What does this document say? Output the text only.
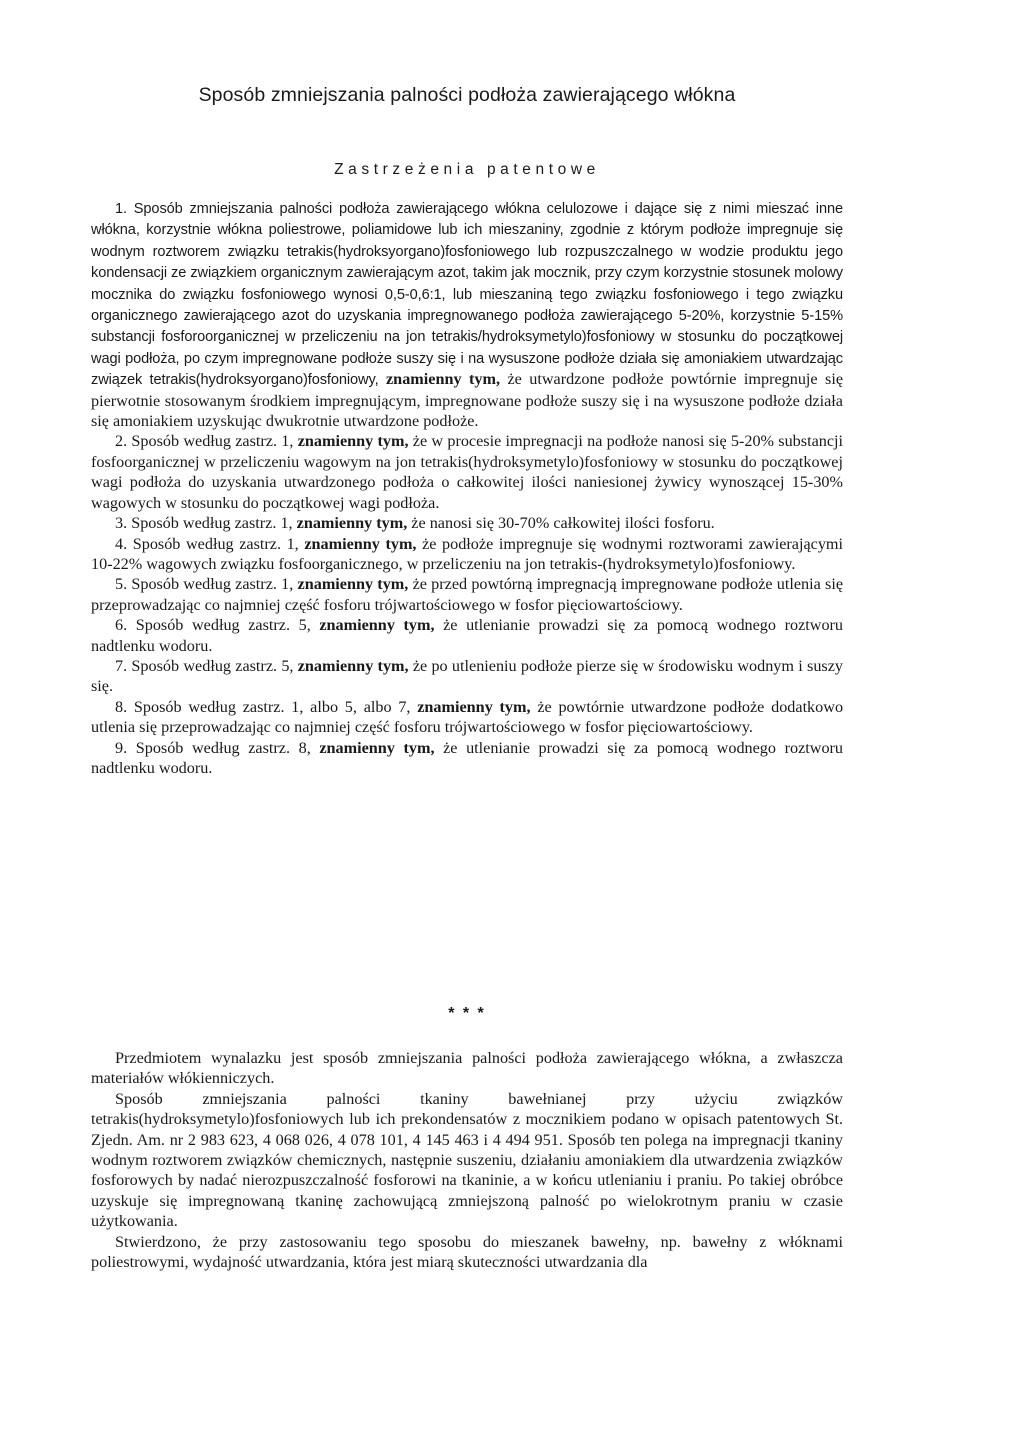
Sposób zmniejszania palności podłoża zawierającego włókna
Zastrzeżenia patentowe

1. Sposób zmniejszania palności podłoża zawierającego włókna celulozowe i dające się z nimi mieszać inne włókna, korzystnie włókna poliestrowe, poliamidowe lub ich mieszaniny, zgodnie z którym podłoże impregnuje się wodnym roztworem związku tetrakis(hydroksyorgano)fosfoniowego lub rozpuszczalnego w wodzie produktu jego kondensacji ze związkiem organicznym zawierającym azot, takim jak mocznik, przy czym korzystnie stosunek molowy mocznika do związku fosfoniowego wynosi 0,5-0,6:1, lub mieszaniną tego związku fosfoniowego i tego związku organicznego zawierającego azot do uzyskania impregnowanego podłoża zawierającego 5-20%, korzystnie 5-15% substancji fosforoorganicznej w przeliczeniu na jon tetrakis/hydroksymetylo)fosfoniowy w stosunku do początkowej wagi podłoża, po czym impregnowane podłoże suszy się i na wysuszone podłoże działa się amoniakiem utwardzając związek tetrakis(hydroksyorgano)fosfoniowy, znamienny tym, że utwardzone podłoże powtórnie impregnuje się pierwotnie stosowanym środkiem impregnującym, impregnowane podłoże suszy się i na wysuszone podłoże działa się amoniakiem uzyskując dwukrotnie utwardzone podłoże.

2. Sposób według zastrz. 1, znamienny tym, że w procesie impregnacji na podłoże nanosi się 5-20% substancji fosfoorganicznej w przeliczeniu wagowym na jon tetrakis(hydroksymetylo)fosfoniowy w stosunku do początkowej wagi podłoża do uzyskania utwardzonego podłoża o całkowitej ilości naniesionej żywicy wynoszącej 15-30% wagowych w stosunku do początkowej wagi podłoża.

3. Sposób według zastrz. 1, znamienny tym, że nanosi się 30-70% całkowitej ilości fosforu.

4. Sposób według zastrz. 1, znamienny tym, że podłoże impregnuje się wodnymi roztworami zawierającymi 10-22% wagowych związku fosfoorganicznego, w przeliczeniu na jon tetrakis-(hydroksymetylo)fosfoniowy.

5. Sposób według zastrz. 1, znamienny tym, że przed powtórną impregnacją impregnowane podłoże utlenia się przeprowadzając co najmniej część fosforu trójwartościowego w fosfor pięciowartościowy.

6. Sposób według zastrz. 5, znamienny tym, że utlenianie prowadzi się za pomocą wodnego roztworu nadtlenku wodoru.

7. Sposób według zastrz. 5, znamienny tym, że po utlenieniu podłoże pierze się w środowisku wodnym i suszy się.

8. Sposób według zastrz. 1, albo 5, albo 7, znamienny tym, że powtórnie utwardzone podłoże dodatkowo utlenia się przeprowadzając co najmniej część fosforu trójwartościowego w fosfor pięciowartościowy.

9. Sposób według zastrz. 8, znamienny tym, że utlenianie prowadzi się za pomocą wodnego roztworu nadtlenku wodoru.

* * *

Przedmiotem wynalazku jest sposób zmniejszania palności podłoża zawierającego włókna, a zwłaszcza materiałów włókienniczych.

Sposób zmniejszania palności tkaniny bawełnianej przy użyciu związków tetrakis(hydroksymetylo)fosfoniowych lub ich prekondensatów z mocznikiem podano w opisach patentowych St. Zjedn. Am. nr 2 983 623, 4 068 026, 4 078 101, 4 145 463 i 4 494 951. Sposób ten polega na impregnacji tkaniny wodnym roztworem związków chemicznych, następnie suszeniu, działaniu amoniakiem dla utwardzenia związków fosforowych by nadać nierozpuszczalność fosforowi na tkaninie, a w końcu utlenianiu i praniu. Po takiej obróbce uzyskuje się impregnowaną tkaninę zachowującą zmniejszoną palność po wielokrotnym praniu w czasie użytkowania.

Stwierdzono, że przy zastosowaniu tego sposobu do mieszanek bawełny, np. bawełny z włóknami poliestrowymi, wydajność utwardzania, która jest miarą skuteczności utwardzania dla
